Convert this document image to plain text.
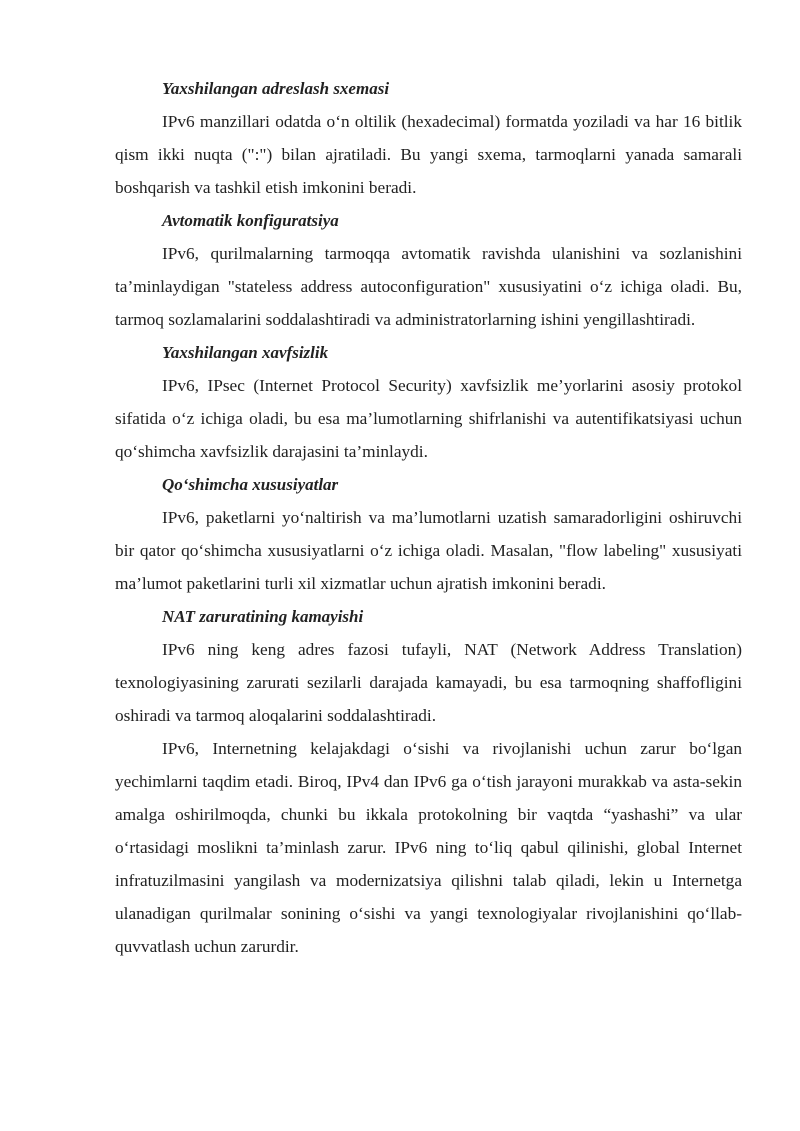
Yaxshilangan adreslash sxemasi

IPv6 manzillari odatda o‘n oltilik (hexadecimal) formatda yoziladi va har 16 bitlik qism ikki nuqta (":") bilan ajratiladi. Bu yangi sxema, tarmoqlarni yanada samarali boshqarish va tashkil etish imkonini beradi.

Avtomatik konfiguratsiya

IPv6, qurilmalarning tarmoqqa avtomatik ravishda ulanishini va sozlanishini ta’minlaydigan "stateless address autoconfiguration" xususiyatini o‘z ichiga oladi. Bu, tarmoq sozlamalarini soddalashtiradi va administratorlarning ishini yengillashtiradi.

Yaxshilangan xavfsizlik

IPv6, IPsec (Internet Protocol Security) xavfsizlik me’yorlarini asosiy protokol sifatida o‘z ichiga oladi, bu esa ma’lumotlarning shifrlanishi va autentifikatsiyasi uchun qo‘shimcha xavfsizlik darajasini ta’minlaydi.

Qo‘shimcha xususiyatlar

IPv6, paketlarni yo‘naltirish va ma’lumotlarni uzatish samaradorligini oshiruvchi bir qator qo‘shimcha xususiyatlarni o‘z ichiga oladi. Masalan, "flow labeling" xususiyati ma’lumot paketlarini turli xil xizmatlar uchun ajratish imkonini beradi.

NAT zaruratining kamayishi

IPv6 ning keng adres fazosi tufayli, NAT (Network Address Translation) texnologiyasining zarurati sezilarli darajada kamayadi, bu esa tarmoqning shaffofligini oshiradi va tarmoq aloqalarini soddalashtiradi.

IPv6, Internetning kelajakdagi o‘sishi va rivojlanishi uchun zarur bo‘lgan yechimlarni taqdim etadi. Biroq, IPv4 dan IPv6 ga o‘tish jarayoni murakkab va asta-sekin amalga oshirilmoqda, chunki bu ikkala protokolning bir vaqtda “yashashi” va ular o‘rtasidagi moslikni ta’minlash zarur. IPv6 ning to‘liq qabul qilinishi, global Internet infratuzilmasini yangilash va modernizatsiya qilishni talab qiladi, lekin u Internetga ulanadigan qurilmalar sonining o‘sishi va yangi texnologiyalar rivojlanishini qo‘llab-quvvatlash uchun zarurdir.
